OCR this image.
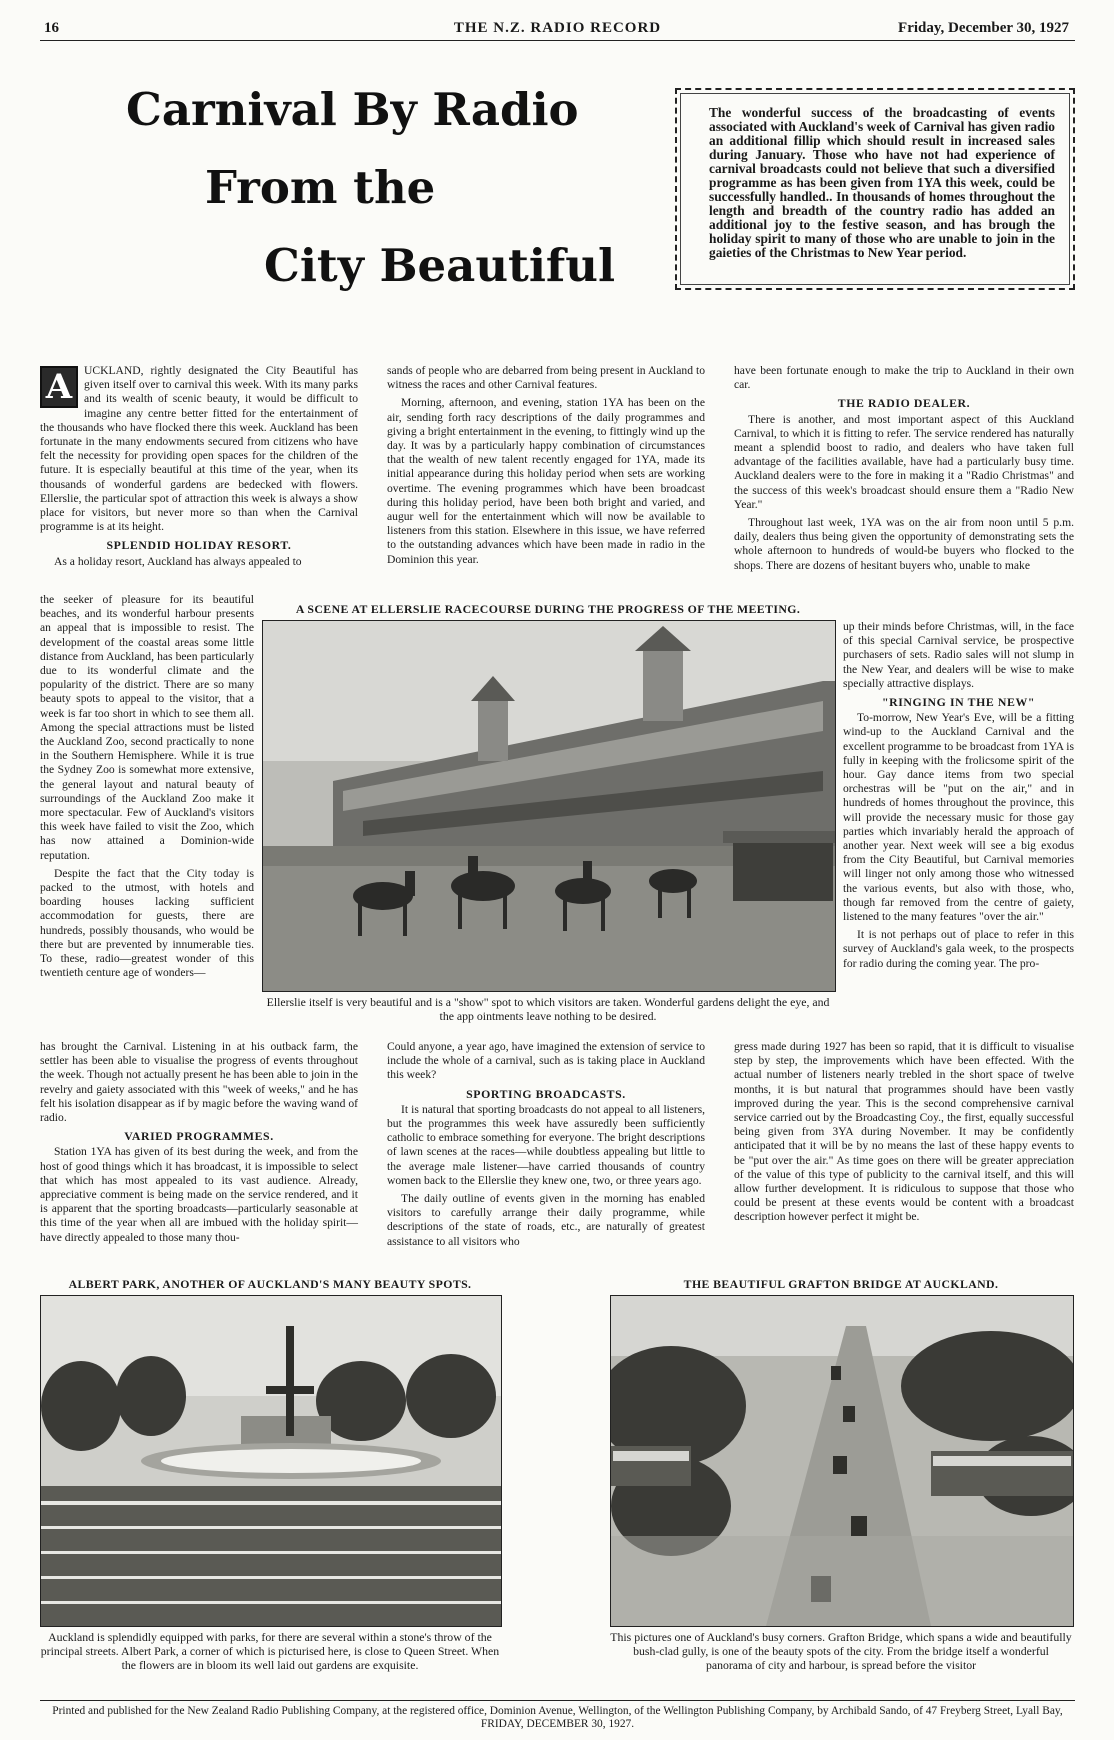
16	THE N.Z. RADIO RECORD	Friday, December 30, 1927
Carnival By Radio
From the
City Beautiful
The wonderful success of the broadcasting of events associated with Auckland's week of Carnival has given radio an additional fillip which should result in increased sales during January. Those who have not had experience of carnival broadcasts could not believe that such a diversified programme as has been given from 1YA this week, could be successfully handled.. In thousands of homes throughout the length and breadth of the country radio has added an additional joy to the festive season, and has brough the holiday spirit to many of those who are unable to join in the gaieties of the Christmas to New Year period.

A	UCKLAND, rightly designated the City Beautiful has given itself over to carnival this week. With its many parks and its wealth of scenic beauty, it would be difficult to imagine any centre better fitted for the entertainment of the thousands who have flocked there this week. Auckland has been fortunate in the many endowments secured from citizens who have felt the necessity for providing open spaces for the children of the future. It is especially beautiful at this time of the year, when its thousands of wonderful gardens are bedecked with flowers. Ellerslie, the particular spot of attraction this week is always a show place for visitors, but never more so than when the Carnival programme is at its height.

SPLENDID HOLIDAY RESORT.

As a holiday resort, Auckland has always appealed to

the seeker of pleasure for its beautiful beaches, and its wonderful harbour presents an appeal that is impossible to resist. The development of the coastal areas some little distance from Auckland, has been particularly due to its wonderful climate and the popularity of the district. There are so many beauty spots to appeal to the visitor, that a week is far too short in which to see them all. Among the special attractions must be listed the Auckland Zoo, second practically to none in the Southern Hemisphere. While it is true the Sydney Zoo is somewhat more extensive, the general layout and natural beauty of surroundings of the Auckland Zoo make it more spectacular. Few of Auckland's visitors this week have failed to visit the Zoo, which has now attained a Dominion-wide reputation.

Despite the fact that the City today is packed to the utmost, with hotels and boarding houses lacking sufficient accommodation for guests, there are hundreds, possibly thousands, who would be there but are prevented by innumerable ties. To these, radio—greatest wonder of this twentieth centure age of wonders—

has brought the Carnival. Listening in at his outback farm, the settler has been able to visualise the progress of events throughout the week. Though not actually present he has been able to join in the revelry and gaiety associated with this "week of weeks," and he has felt his isolation disappear as if by magic before the waving wand of radio.

VARIED PROGRAMMES.

Station 1YA has given of its best during the week, and from the host of good things which it has broadcast, it is impossible to select that which has most appealed to its vast audience. Already, appreciative comment is being made on the service rendered, and it is apparent that the sporting broadcasts—particularly seasonable at this time of the year when all are imbued with the holiday spirit—have directly appealed to those many thou-

sands of people who are debarred from being present in Auckland to witness the races and other Carnival features.

Morning, afternoon, and evening, station 1YA has been on the air, sending forth racy descriptions of the daily programmes and giving a bright entertainment in the evening, to fittingly wind up the day. It was by a particularly happy combination of circumstances that the wealth of new talent recently engaged for 1YA, made its initial appearance during this holiday period when sets are working overtime. The evening programmes which have been broadcast during this holiday period, have been both bright and varied, and augur well for the entertainment which will now be available to listeners from this station. Elsewhere in this issue, we have referred to the outstanding advances which have been made in radio in the Dominion this year.

Could anyone, a year ago, have imagined the extension of service to include the whole of a carnival, such as is taking place in Auckland this week?

SPORTING BROADCASTS.

It is natural that sporting broadcasts do not appeal to all listeners, but the programmes this week have assuredly been sufficiently catholic to embrace something for everyone. The bright descriptions of lawn scenes at the races—while doubtless appealing but little to the average male listener—have carried thousands of country women back to the Ellerslie they knew one, two, or three years ago.

The daily outline of events given in the morning has enabled visitors to carefully arrange their daily programme, while descriptions of the state of roads, etc., are naturally of greatest assistance to all visitors who

have been fortunate enough to make the trip to Auckland in their own car.

THE RADIO DEALER.

There is another, and most important aspect of this Auckland Carnival, to which it is fitting to refer. The service rendered has naturally meant a splendid boost to radio, and dealers who have taken full advantage of the facilities available, have had a particularly busy time. Auckland dealers were to the fore in making it a "Radio Christmas" and the success of this week's broadcast should ensure them a "Radio New Year."

Throughout last week, 1YA was on the air from noon until 5 p.m. daily, dealers thus being given the opportunity of demonstrating sets the whole afternoon to hundreds of would-be buyers who flocked to the shops. There are dozens of hesitant buyers who, unable to make

up their minds before Christmas, will, in the face of this special Carnival service, be prospective purchasers of sets. Radio sales will not slump in the New Year, and dealers will be wise to make specially attractive displays.

"RINGING IN THE NEW"

To-morrow, New Year's Eve, will be a fitting wind-up to the Auckland Carnival and the excellent programme to be broadcast from 1YA is fully in keeping with the frolicsome spirit of the hour. Gay dance items from two special orchestras will be "put on the air," and in hundreds of homes throughout the province, this will provide the necessary music for those gay parties which invariably herald the approach of another year. Next week will see a big exodus from the City Beautiful, but Carnival memories will linger not only among those who witnessed the various events, but also with those, who, though far removed from the centre of gaiety, listened to the many features "over the air."

It is not perhaps out of place to refer in this survey of Auckland's gala week, to the prospects for radio during the coming year. The pro-

gress made during 1927 has been so rapid, that it is difficult to visualise step by step, the improvements which have been effected. With the actual number of listeners nearly trebled in the short space of twelve months, it is but natural that programmes should have been vastly improved during the year. This is the second comprehensive carnival service carried out by the Broadcasting Coy., the first, equally successful being given from 3YA during November. It may be confidently anticipated that it will be by no means the last of these happy events to be "put over the air." As time goes on there will be greater appreciation of the value of this type of publicity to the carnival itself, and this will allow further development. It is ridiculous to suppose that those who could be present at these events would be content with a broadcast description however perfect it might be.

A SCENE AT ELLERSLIE RACECOURSE DURING THE PROGRESS OF THE MEETING.
Ellerslie itself is very beautiful and is a "show" spot to which visitors are taken. Wonderful gardens delight the eye, and the app ointments leave nothing to be desired.
ALBERT PARK, ANOTHER OF AUCKLAND'S MANY BEAUTY SPOTS.
Auckland is splendidly equipped with parks, for there are several within a stone's throw of the principal streets. Albert Park, a corner of which is picturised here, is close to Queen Street. When the flowers are in bloom its well laid out gardens are exquisite.
THE BEAUTIFUL GRAFTON BRIDGE AT AUCKLAND.
This pictures one of Auckland's busy corners. Grafton Bridge, which spans a wide and beautifully bush-clad gully, is one of the beauty spots of the city. From the bridge itself a wonderful panorama of city and harbour, is spread before the visitor
Printed and published for the New Zealand Radio Publishing Company, at the registered office, Dominion Avenue, Wellington, of the Wellington Publishing Company, by Archibald Sando, of 47 Freyberg Street, Lyall Bay, FRIDAY, DECEMBER 30, 1927.
